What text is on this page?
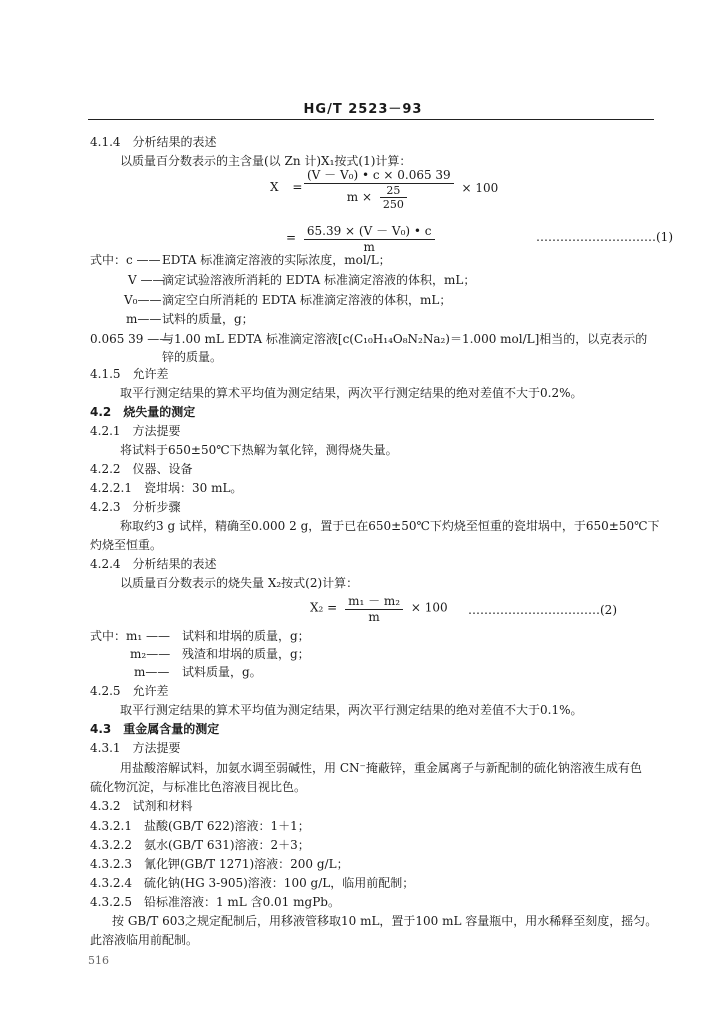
HG/T 2523－93
4.1.4　分析结果的表述
以质量百分数表示的主含量(以 Zn 计)X₁按式(1)计算：
$X = \frac{\text{(V － V₀) • c × 0.065 39}}{m \times \frac{25}{250}} \times 100$
= $\frac{\text{65.39 × (V － V₀) • c}}{m}$	…………………………(1)
式中：c —— EDTA 标准滴定溶液的实际浓度，mol/L；
V ——
滴定试验溶液所消耗的 EDTA 标准滴定溶液的体积，mL；
V₀—— 滴定空白所消耗的 EDTA 标准滴定溶液的体积，mL；
m—— 试料的质量，g；
0.065 39 ——
与1.00 mL EDTA 标准滴定溶液[c(C₁₀H₁₄O₈N₂Na₂)＝1.000 mol/L]相当的，以克表示的
锌的质量。
4.1.5　允许差
取平行测定结果的算术平均值为测定结果，两次平行测定结果的绝对差值不大于0.2%。
4.2　烧失量的测定
4.2.1　方法提要
将试料于650±50℃下热解为氧化锌，测得烧失量。
4.2.2　仪器、设备
4.2.2.1　瓷坩埚：30 mL。
4.2.3　分析步骤
称取约3 g 试样，精确至0.000 2 g，置于已在650±50℃下灼烧至恒重的瓷坩埚中，于650±50℃下
灼烧至恒重。
4.2.4　分析结果的表述
以质量百分数表示的烧失量 X₂按式(2)计算：
$X_2 = \frac{\text{m₁ － m₂}}{m} \times 100$ ……………………………(2)
式中：m₁ —— 试料和坩埚的质量，g；
m₂—— 残渣和坩埚的质量，g；
m—— 试料质量，g。
4.2.5　允许差
取平行测定结果的算术平均值为测定结果，两次平行测定结果的绝对差值不大于0.1%。
4.3　重金属含量的测定
4.3.1　方法提要
用盐酸溶解试料，加氨水调至弱碱性，用 CN⁻掩蔽锌，重金属离子与新配制的硫化钠溶液生成有色
硫化物沉淀，与标准比色溶液目视比色。
4.3.2　试剂和材料
4.3.2.1　盐酸(GB/T 622)溶液：1＋1；
4.3.2.2　氨水(GB/T 631)溶液：2＋3；
4.3.2.3　氰化钾(GB/T 1271)溶液：200 g/L；
4.3.2.4　硫化钠(HG 3-905)溶液：100 g/L，临用前配制；
4.3.2.5　铅标准溶液：1 mL 含0.01 mgPb。
按 GB/T 603之规定配制后，用移液管移取10 mL，置于100 mL 容量瓶中，用水稀释至刻度，摇匀。
此溶液临用前配制。
516
